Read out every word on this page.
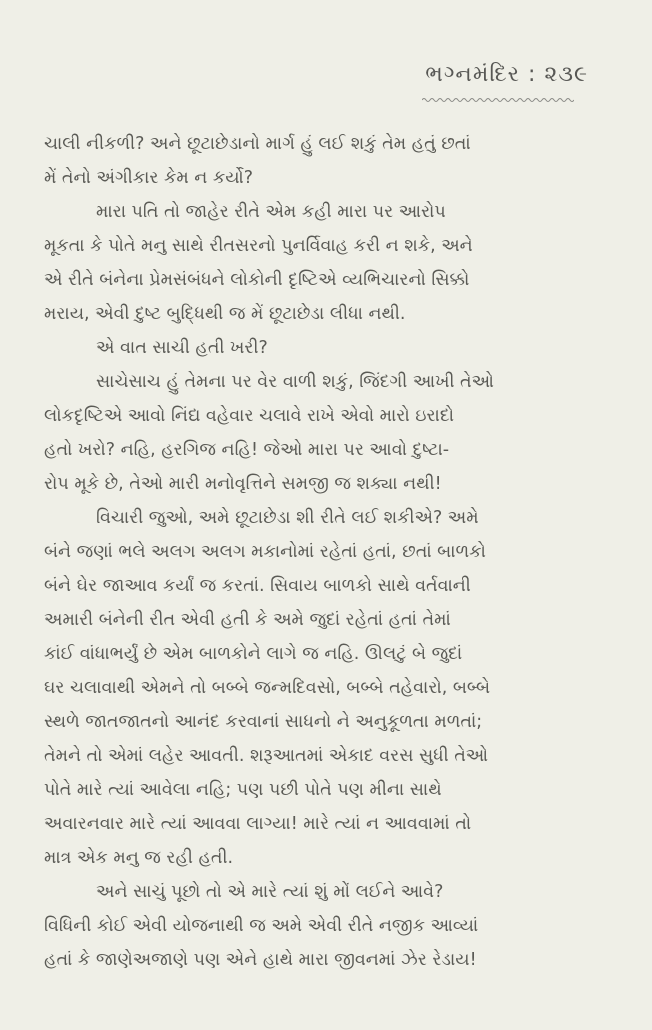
ભગ્નમંદિર : ૨૩૯
ચાલી નીકળી? અને છૂટાછેડાનો માર્ગ હું લઈ શકું તેમ હતું છતાં
મેં તેનો અંગીકાર કેમ ન કર્યો?
મારા પતિ તો જાહેર રીતે એમ કહી મારા પર આરોપ
મૂકતા કે પોતે મનુ સાથે રીતસરનો પુનર્વિવાહ કરી ન શકે, અને
એ રીતે બંનેના પ્રેમસંબંધને લોકોની દૃષ્ટિએ વ્યભિચારનો સિક્કો
મરાય, એવી દુષ્ટ બુદ્ધિથી જ મેં છૂટાછેડા લીધા નથી.
એ વાત સાચી હતી ખરી?
સાચેસાચ હું તેમના પર વેર વાળી શકું, જિંદગી આખી તેઓ
લોકદૃષ્ટિએ આવો નિંદ્ય વહેવાર ચલાવે રાખે એવો મારો ઇરાદો
હતો ખરો? નહિ, હરગિજ નહિ! જેઓ મારા પર આવો દુષ્ટા-
રોપ મૂકે છે, તેઓ મારી મનોવૃત્તિને સમજી જ શક્યા નથી!
વિચારી જુઓ, અમે છૂટાછેડા શી રીતે લઈ શકીએ? અમે
બંને જણાં ભલે અલગ અલગ મકાનોમાં રહેતાં હતાં, છતાં બાળકો
બંને ઘેર જાઆવ કર્યાં જ કરતાં. સિવાય બાળકો સાથે વર્તવાની
અમારી બંનેની રીત એવી હતી કે અમે જુદાં રહેતાં હતાં તેમાં
કાંઈ વાંધાભર્યું છે એમ બાળકોને લાગે જ નહિ. ઊલટું બે જુદાં
ઘર ચલાવાથી એમને તો બબ્બે જન્મદિવસો, બબ્બે તહેવારો, બબ્બે
સ્થળે જાતજાતનો આનંદ કરવાનાં સાધનો ને અનુકૂળતા મળતાં;
તેમને તો એમાં લહેર આવતી. શરૂઆતમાં એકાદ વરસ સુધી તેઓ
પોતે મારે ત્યાં આવેલા નહિ; પણ પછી પોતે પણ મીના સાથે
અવારનવાર મારે ત્યાં આવવા લાગ્યા! મારે ત્યાં ન આવવામાં તો
માત્ર એક મનુ જ રહી હતી.
અને સાચું પૂછો તો એ મારે ત્યાં શું મોં લઈને આવે?
વિધિની કોઈ એવી યોજનાથી જ અમે એવી રીતે નજીક આવ્યાં
હતાં કે જાણેઅજાણે પણ એને હાથે મારા જીવનમાં ઝેર રેડાય!
